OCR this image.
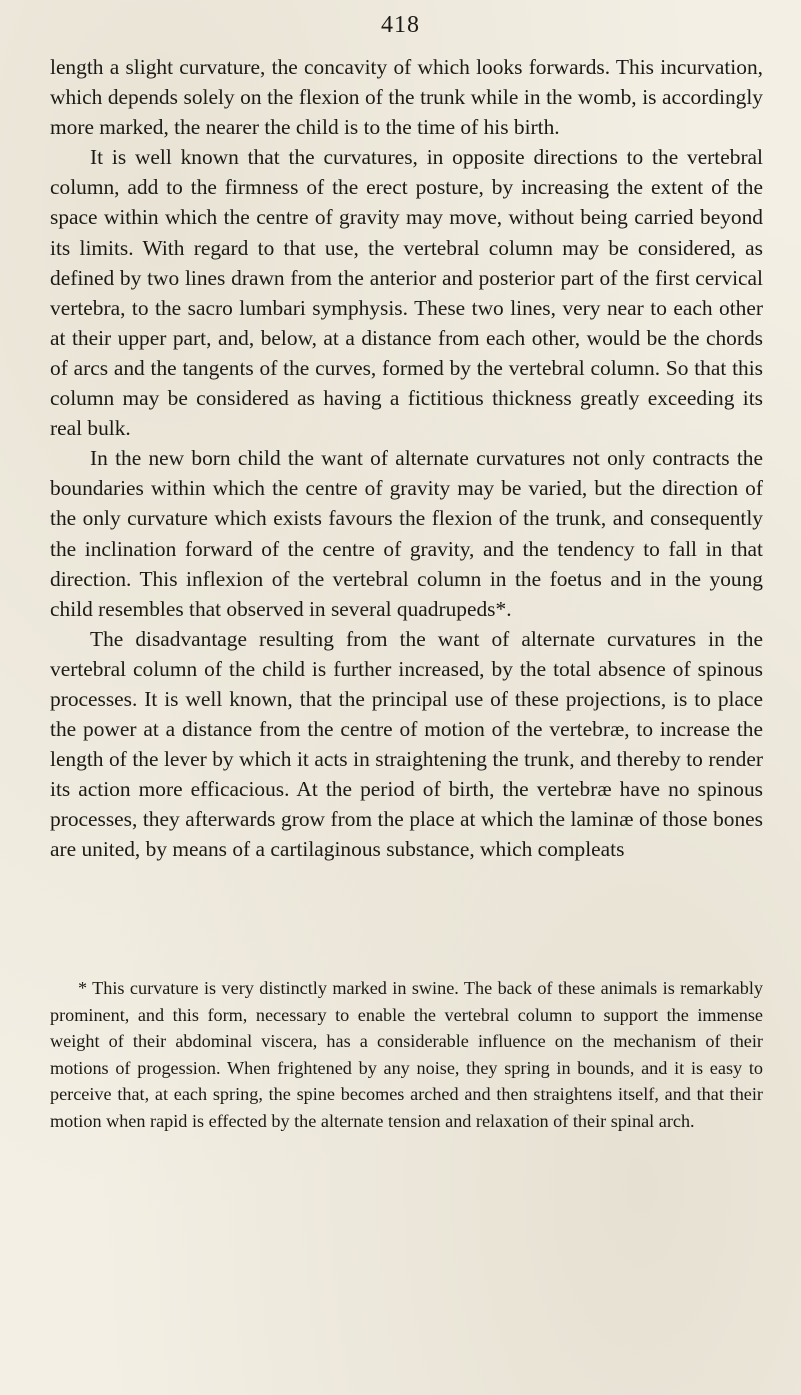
418

length a slight curvature, the concavity of which looks forwards. This incurvation, which depends solely on the flexion of the trunk while in the womb, is accordingly more marked, the nearer the child is to the time of his birth.

It is well known that the curvatures, in opposite directions to the vertebral column, add to the firmness of the erect posture, by increasing the extent of the space within which the centre of gravity may move, without being carried beyond its limits. With regard to that use, the vertebral column may be considered, as defined by two lines drawn from the anterior and posterior part of the first cervical vertebra, to the sacro lumbari symphysis. These two lines, very near to each other at their upper part, and, below, at a distance from each other, would be the chords of arcs and the tangents of the curves, formed by the vertebral column. So that this column may be considered as having a fictitious thickness greatly exceeding its real bulk.

In the new born child the want of alternate curvatures not only contracts the boundaries within which the centre of gravity may be varied, but the direction of the only curvature which exists favours the flexion of the trunk, and consequently the inclination forward of the centre of gravity, and the tendency to fall in that direction. This inflexion of the vertebral column in the foetus and in the young child resembles that observed in several quadrupeds*.

The disadvantage resulting from the want of alternate curvatures in the vertebral column of the child is further increased, by the total absence of spinous processes. It is well known, that the principal use of these projections, is to place the power at a distance from the centre of motion of the vertebræ, to increase the length of the lever by which it acts in straightening the trunk, and thereby to render its action more efficacious. At the period of birth, the vertebræ have no spinous processes, they afterwards grow from the place at which the laminæ of those bones are united, by means of a cartilaginous substance, which compleats

* This curvature is very distinctly marked in swine. The back of these animals is remarkably prominent, and this form, necessary to enable the vertebral column to support the immense weight of their abdominal viscera, has a considerable influence on the mechanism of their motions of progession. When frightened by any noise, they spring in bounds, and it is easy to perceive that, at each spring, the spine becomes arched and then straightens itself, and that their motion when rapid is effected by the alternate tension and relaxation of their spinal arch.
